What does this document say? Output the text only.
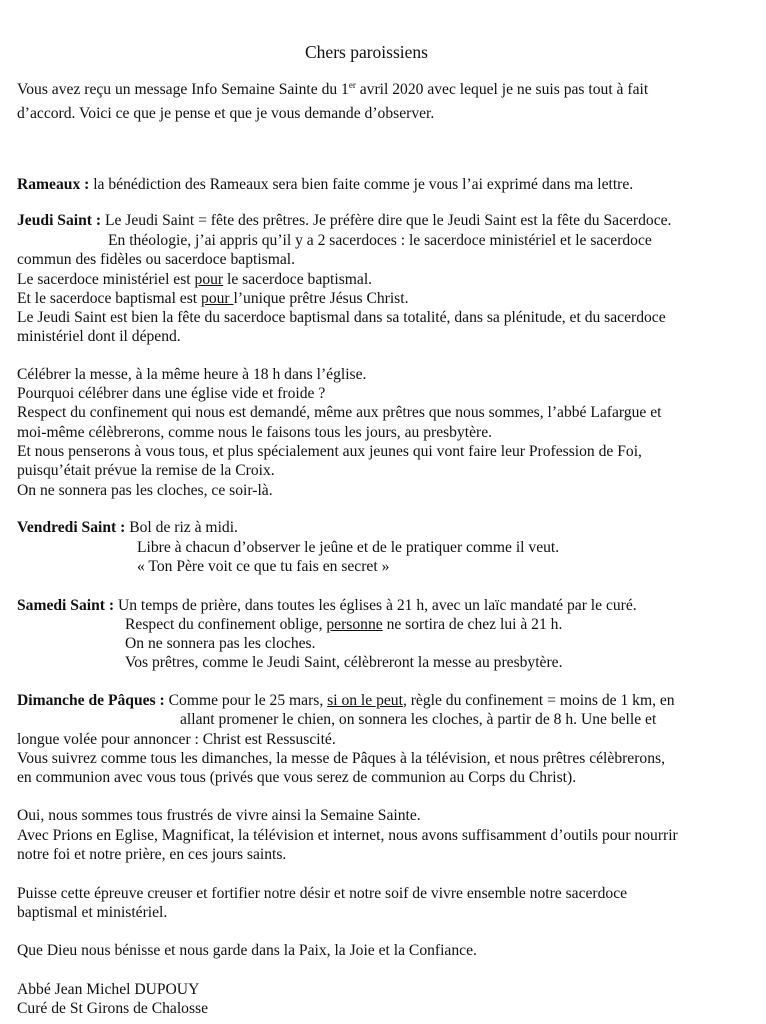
Chers paroissiens
Vous avez reçu un message Info Semaine Sainte du 1er avril 2020 avec lequel je ne suis pas tout à fait
d’accord. Voici ce que je pense et que je vous demande d’observer.
Rameaux : la bénédiction des Rameaux sera bien faite comme je vous l’ai exprimé dans ma lettre.
Jeudi Saint : Le Jeudi Saint = fête des prêtres. Je préfère dire que le Jeudi Saint est la fête du Sacerdoce.
En théologie, j’ai appris qu’il y a 2 sacerdoces : le sacerdoce ministériel et le sacerdoce
commun des fidèles ou sacerdoce baptismal.
Le sacerdoce ministériel est pour le sacerdoce baptismal.
Et le sacerdoce baptismal est pour l’unique prêtre Jésus Christ.
Le Jeudi Saint est bien la fête du sacerdoce baptismal dans sa totalité, dans sa plénitude, et du sacerdoce
ministériel dont il dépend.
Célébrer la messe, à la même heure à 18 h dans l’église.
Pourquoi célébrer dans une église vide et froide ?
Respect du confinement qui nous est demandé, même aux prêtres que nous sommes, l’abbé Lafargue et
moi-même célèbrerons, comme nous le faisons tous les jours, au presbytère.
Et nous penserons à vous tous, et plus spécialement aux jeunes qui vont faire leur Profession de Foi,
puisqu’était prévue la remise de la Croix.
On ne sonnera pas les cloches, ce soir-là.
Vendredi Saint : Bol de riz à midi.
Libre à chacun d’observer le jeûne et de le pratiquer comme il veut.
« Ton Père voit ce que tu fais en secret »
Samedi Saint : Un temps de prière, dans toutes les églises à 21 h, avec un laïc mandaté par le curé.
Respect du confinement oblige, personne ne sortira de chez lui à 21 h.
On ne sonnera pas les cloches.
Vos prêtres, comme le Jeudi Saint, célèbreront la messe au presbytère.
Dimanche de Pâques : Comme pour le 25 mars, si on le peut, règle du confinement = moins de 1 km, en
allant promener le chien, on sonnera les cloches, à partir de 8 h. Une belle et
longue volée pour annoncer : Christ est Ressuscité.
Vous suivrez comme tous les dimanches, la messe de Pâques à la télévision, et nous prêtres célèbrerons,
en communion avec vous tous (privés que vous serez de communion au Corps du Christ).
Oui, nous sommes tous frustrés de vivre ainsi la Semaine Sainte.
Avec Prions en Eglise, Magnificat, la télévision et internet, nous avons suffisamment d’outils pour nourrir
notre foi et notre prière, en ces jours saints.
Puisse cette épreuve creuser et fortifier notre désir et notre soif de vivre ensemble notre sacerdoce
baptismal et ministériel.
Que Dieu nous bénisse et nous garde dans la Paix, la Joie et la Confiance.
Abbé Jean Michel DUPOUY
Curé de St Girons de Chalosse
